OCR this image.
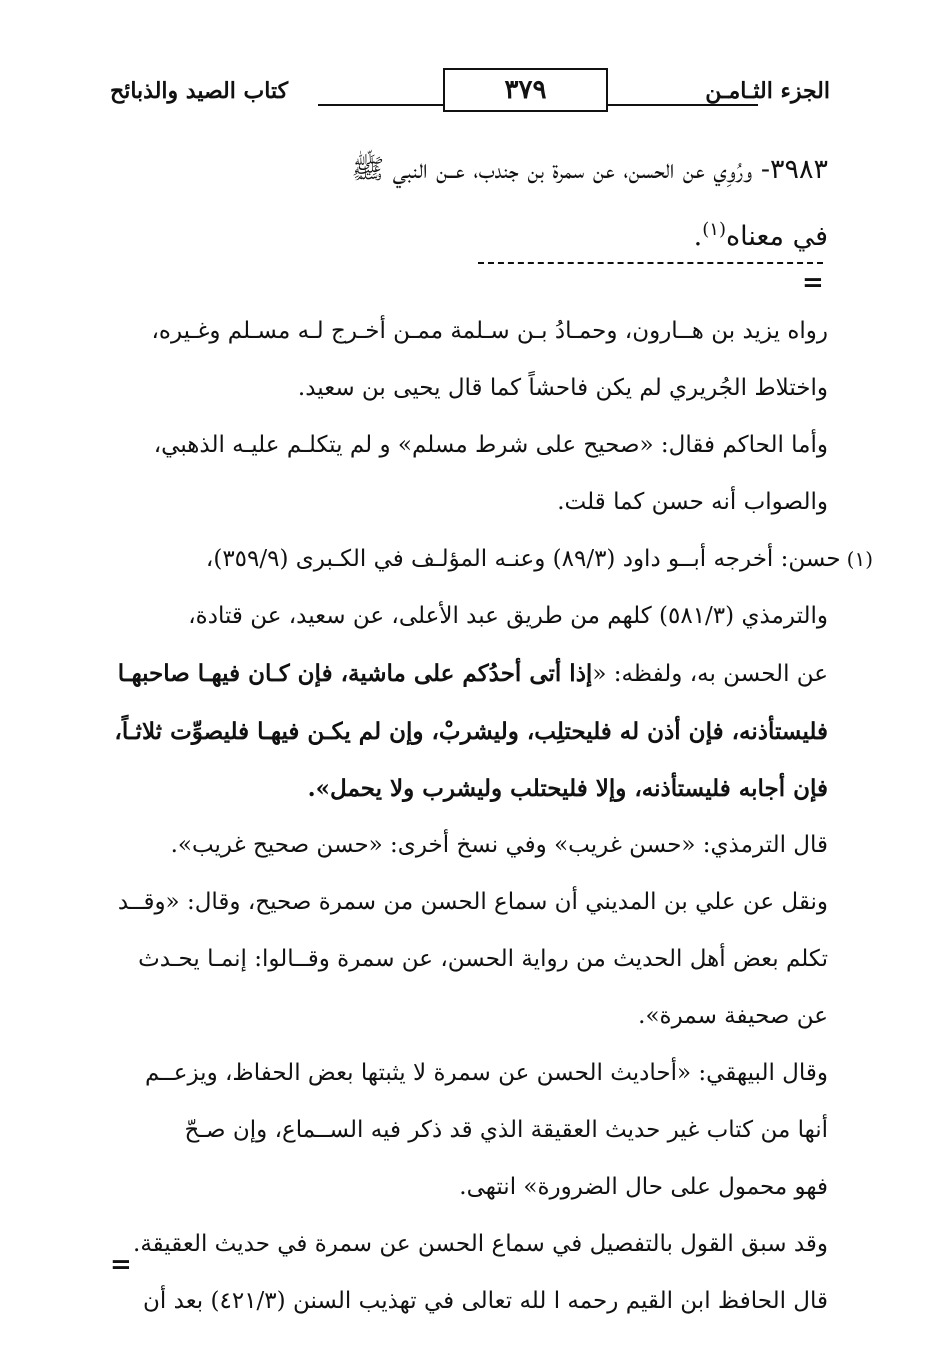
الجزء الثـامـن
٣٧٩
كتاب الصيد والذبائح
٣٩٨٣- ورُوِي عن الحسن، عن سمرة بن جندب، عــن النبي ﷺ
في معناه$^{(١)}$.
=

رواه يزيد بن هــارون، وحمـادُ بـن سـلمة ممـن أخـرج لـه مسـلم وغـيره،

واختلاط الجُريري لم يكن فاحشاً كما قال يحيى بن سعيد.

وأما الحاكم فقال: «صحيح على شرط مسلم» و لم يتكلـم عليـه الذهبي،

والصواب أنه حسن كما قلت.

(١)حسن: أخرجه أبــو داود (٨٩/٣) وعنـه المؤلـف في الكـبرى (٣٥٩/٩)،

والترمذي (٥٨١/٣) كلهم من طريق عبد الأعلى، عن سعيد، عن قتادة،

عن الحسن به، ولفظه: «إذا أتى أحدُكم على ماشية، فإن كـان فيهـا صاحبهـا

فليستأذنه، فإن أذن له فليحتلِب، وليشربْ، وإن لم يكـن فيهـا فليصوِّت ثلاثـاً،

فإن أجابه فليستأذنه، وإلا فليحتلب وليشرب ولا يحمل».

قال الترمذي: «حسن غريب» وفي نسخ أخرى: «حسن صحيح غريب».

ونقل عن علي بن المديني أن سماع الحسن من سمرة صحيح، وقال: «وقــد

تكلم بعض أهل الحديث من رواية الحسن، عن سمرة وقــالوا: إنمـا يحـدث

عن صحيفة سمرة».

وقال البيهقي: «أحاديث الحسن عن سمرة لا يثبتها بعض الحفاظ، ويزعــم

أنها من كتاب غير حديث العقيقة الذي قد ذكر فيه الســماع، وإن صـحّ

فهو محمول على حال الضرورة» انتهى.

وقد سبق القول بالتفصيل في سماع الحسن عن سمرة في حديث العقيقة.

قال الحافظ ابن القيم رحمه ا لله تعالى في تهذيب السنن (٤٢١/٣) بعد أن

=
